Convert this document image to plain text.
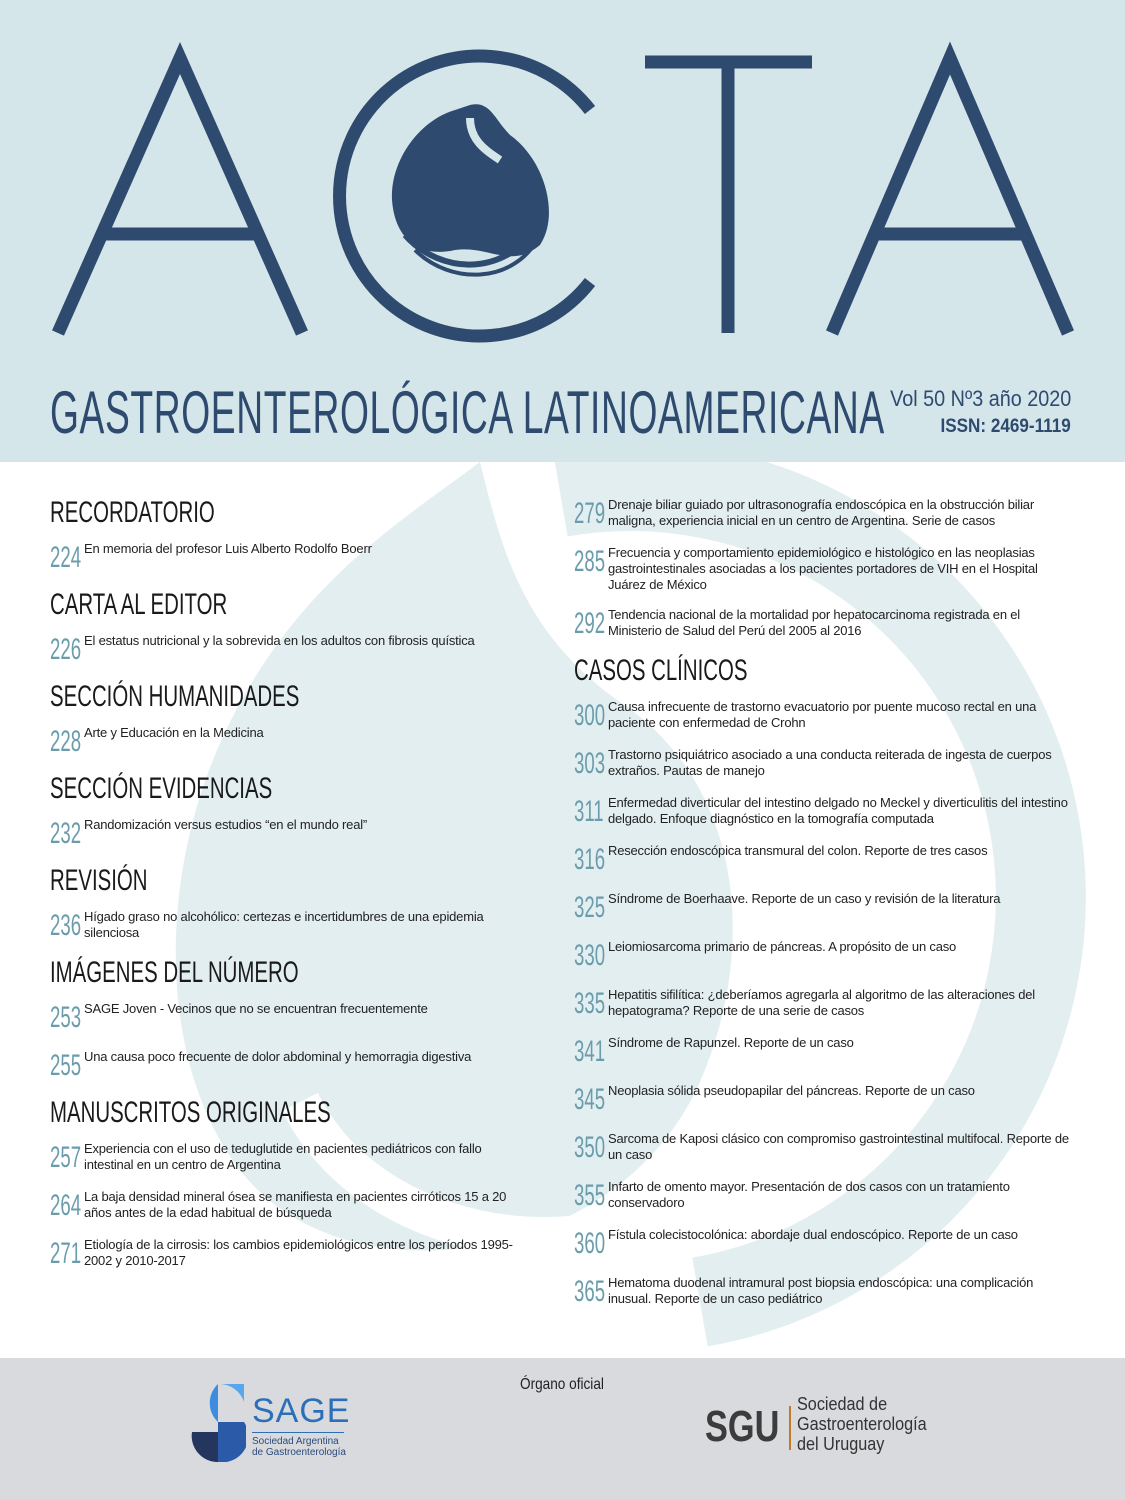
GASTROENTEROLÓGICA LATINOAMERICANA Vol 50 Nº3 año 2020
ISSN: 2469-1119
RECORDATORIO
224 En memoria del profesor Luis Alberto Rodolfo Boerr
CARTA AL EDITOR
226 El estatus nutricional y la sobrevida en los adultos con fibrosis quística
SECCIÓN HUMANIDADES
228 Arte y Educación en la Medicina
SECCIÓN EVIDENCIAS
232 Randomización versus estudios “en el mundo real”
REVISIÓN
236 Hígado graso no alcohólico: certezas e incertidumbres de una epidemia silenciosa
IMÁGENES DEL NÚMERO
253 SAGE Joven - Vecinos que no se encuentran frecuentemente
255 Una causa poco frecuente de dolor abdominal y hemorragia digestiva
MANUSCRITOS ORIGINALES
257 Experiencia con el uso de teduglutide en pacientes pediátricos con fallo intestinal en un centro de Argentina
264 La baja densidad mineral ósea se manifiesta en pacientes cirróticos 15 a 20 años antes de la edad habitual de búsqueda
271 Etiología de la cirrosis: los cambios epidemiológicos entre los períodos 1995-2002 y 2010-2017
279 Drenaje biliar guiado por ultrasonografía endoscópica en la obstrucción biliar maligna, experiencia inicial en un centro de Argentina. Serie de casos
285 Frecuencia y comportamiento epidemiológico e histológico en las neoplasias gastrointestinales asociadas a los pacientes portadores de VIH en el Hospital Juárez de México
292 Tendencia nacional de la mortalidad por hepatocarcinoma registrada en el Ministerio de Salud del Perú del 2005 al 2016
CASOS CLÍNICOS
300 Causa infrecuente de trastorno evacuatorio por puente mucoso rectal en una paciente con enfermedad de Crohn
303 Trastorno psiquiátrico asociado a una conducta reiterada de ingesta de cuerpos extraños. Pautas de manejo
311 Enfermedad diverticular del intestino delgado no Meckel y diverticulitis del intestino delgado. Enfoque diagnóstico en la tomografía computada
316 Resección endoscópica transmural del colon. Reporte de tres casos
325 Síndrome de Boerhaave. Reporte de un caso y revisión de la literatura
330 Leiomiosarcoma primario de páncreas. A propósito de un caso
335 Hepatitis sifilítica: ¿deberíamos agregarla al algoritmo de las alteraciones del hepatograma? Reporte de una serie de casos
341 Síndrome de Rapunzel. Reporte de un caso
345 Neoplasia sólida pseudopapilar del páncreas. Reporte de un caso
350 Sarcoma de Kaposi clásico con compromiso gastrointestinal multifocal. Reporte de un caso
355 Infarto de omento mayor. Presentación de dos casos con un tratamiento conservadoro
360 Fístula colecistocolónica: abordaje dual endoscópico. Reporte de un caso
365 Hematoma duodenal intramural post biopsia endoscópica: una complicación inusual. Reporte de un caso pediátrico
Órgano oficial
SAGE
Sociedad Argentina
de Gastroenterología
SGU Sociedad de
Gastroenterología
del Uruguay
